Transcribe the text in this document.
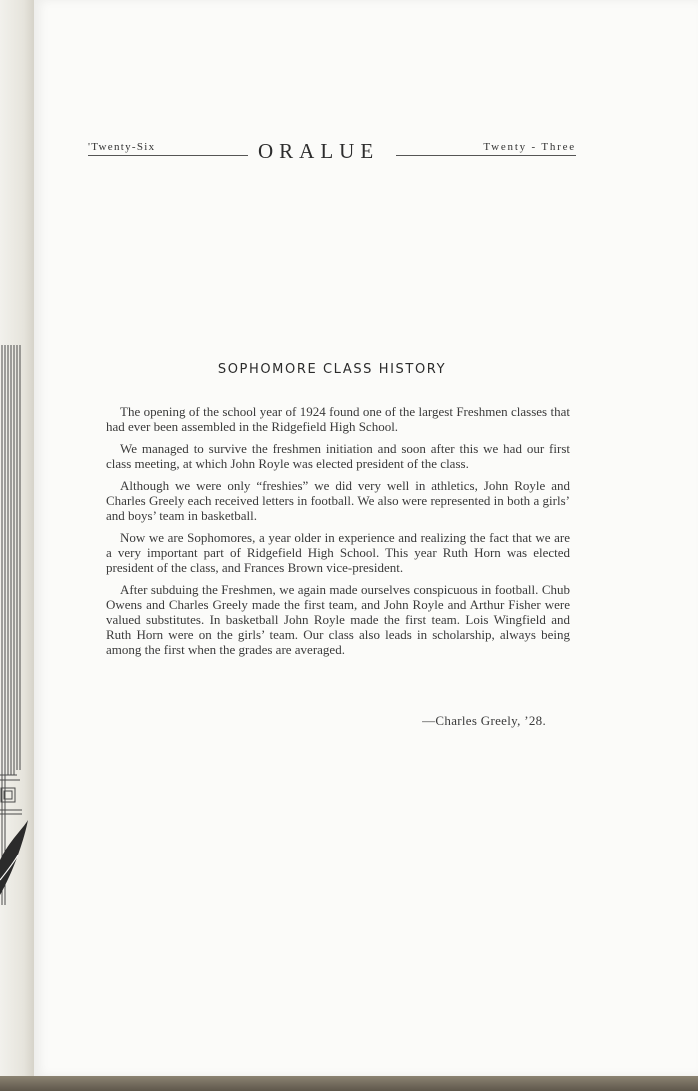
'Twenty-Six	ORALUE	Twenty - Three
SOPHOMORE CLASS HISTORY

The opening of the school year of 1924 found one of the largest Freshmen classes that had ever been assembled in the Ridgefield High School.

We managed to survive the freshmen initiation and soon after this we had our first class meeting, at which John Royle was elected president of the class.

Although we were only “freshies” we did very well in athletics, John Royle and Charles Greely each received letters in football. We also were represented in both a girls’ and boys’ team in basketball.

Now we are Sophomores, a year older in experience and realizing the fact that we are a very important part of Ridgefield High School. This year Ruth Horn was elected president of the class, and Frances Brown vice-president.

After subduing the Freshmen, we again made ourselves conspicuous in football. Chub Owens and Charles Greely made the first team, and John Royle and Arthur Fisher were valued substitutes. In basketball John Royle made the first team. Lois Wingfield and Ruth Horn were on the girls’ team. Our class also leads in scholarship, always being among the first when the grades are averaged.

—Charles Greely, ’28.
